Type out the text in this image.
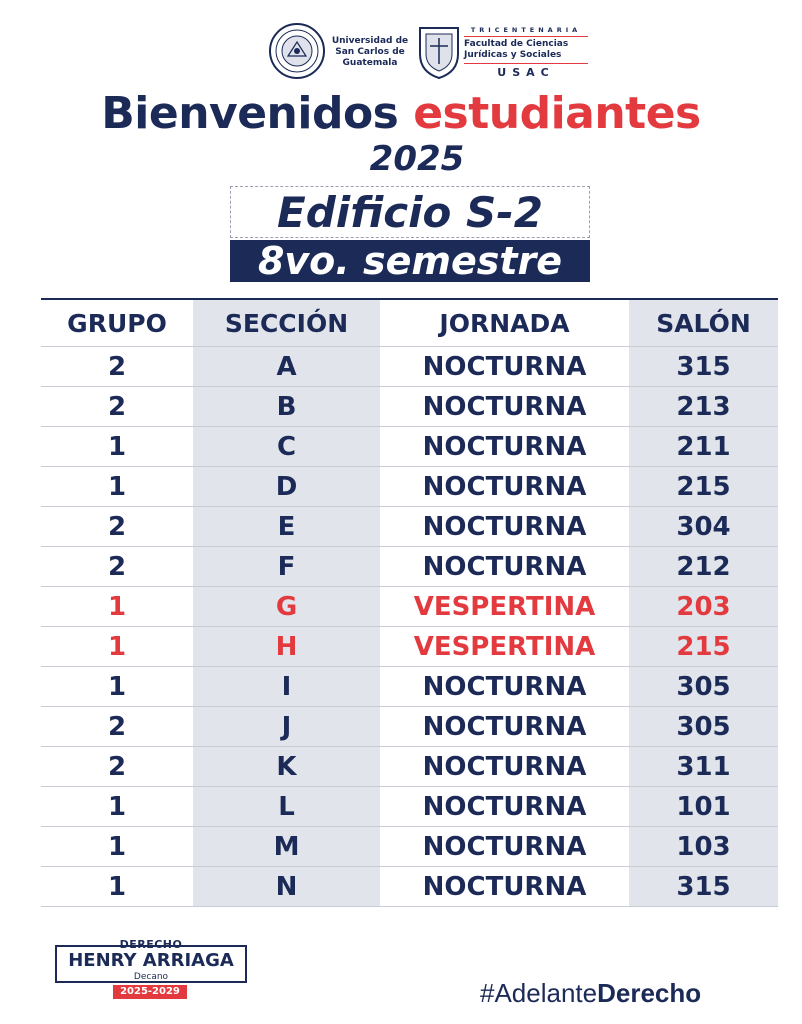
Universidad de
San Carlos de
Guatemala
TRICENTENARIA
Facultad de Ciencias
Jurídicas y Sociales
USAC
Bienvenidos estudiantes
2025
Edificio S-2
8vo. semestre
GRUPO	SECCIÓN	JORNADA	SALÓN
2	A	NOCTURNA	315
2	B	NOCTURNA	213
1	C	NOCTURNA	211
1	D	NOCTURNA	215
2	E	NOCTURNA	304
2	F	NOCTURNA	212
1	G	VESPERTINA	203
1	H	VESPERTINA	215
1	I	NOCTURNA	305
2	J	NOCTURNA	305
2	K	NOCTURNA	311
1	L	NOCTURNA	101
1	M	NOCTURNA	103
1	N	NOCTURNA	315
DERECHO
HENRY ARRIAGA
Decano
2025-2029	#AdelanteDerecho
